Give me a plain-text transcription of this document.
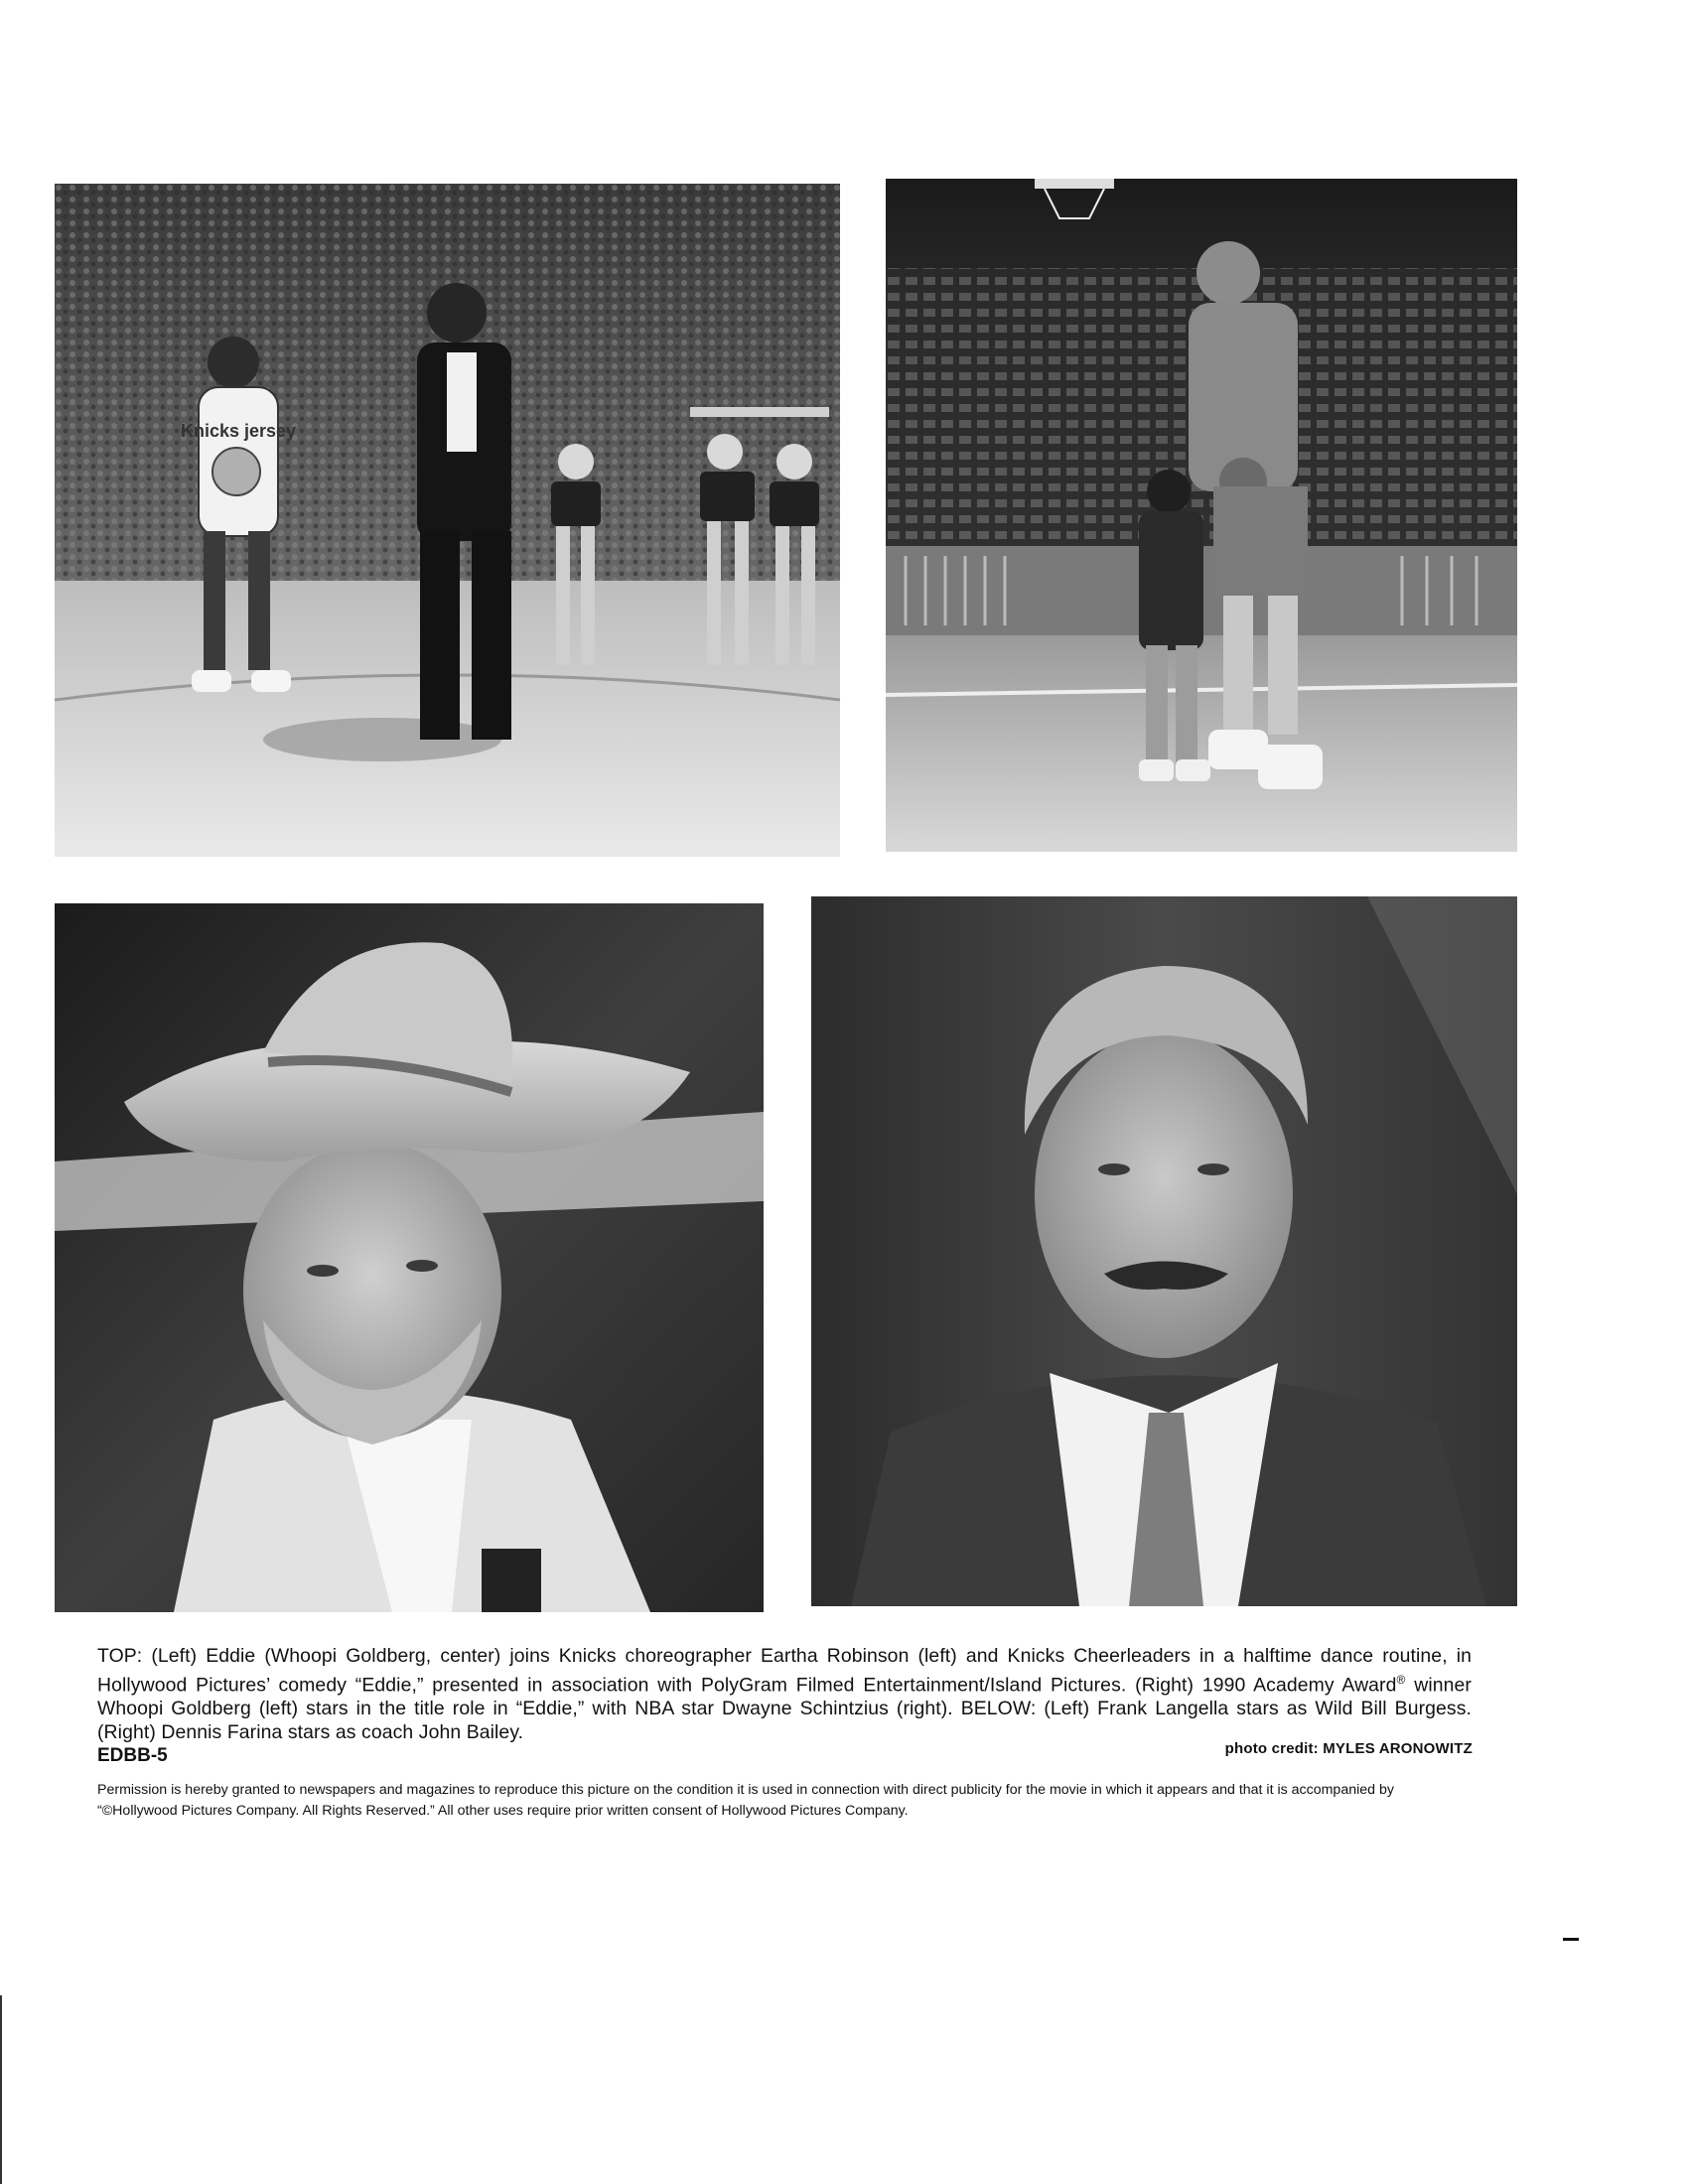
Knicks jersey
TOP: (Left) Eddie (Whoopi Goldberg, center) joins Knicks choreographer Eartha Robinson (left) and Knicks Cheerleaders in a halftime dance routine, in Hollywood Pictures’ comedy “Eddie,” presented in association with PolyGram Filmed Entertainment/Island Pictures. (Right) 1990 Academy Award® winner Whoopi Goldberg (left) stars in the title role in “Eddie,” with NBA star Dwayne Schintzius (right). BELOW: (Left) Frank Langella stars as Wild Bill Burgess. (Right) Dennis Farina stars as coach John Bailey.
photo credit: MYLES ARONOWITZ
EDBB-5
Permission is hereby granted to newspapers and magazines to reproduce this picture on the condition it is used in connection with direct publicity for the movie in which it appears and that it is accompanied by “©Hollywood Pictures Company. All Rights Reserved.” All other uses require prior written consent of Hollywood Pictures Company.
